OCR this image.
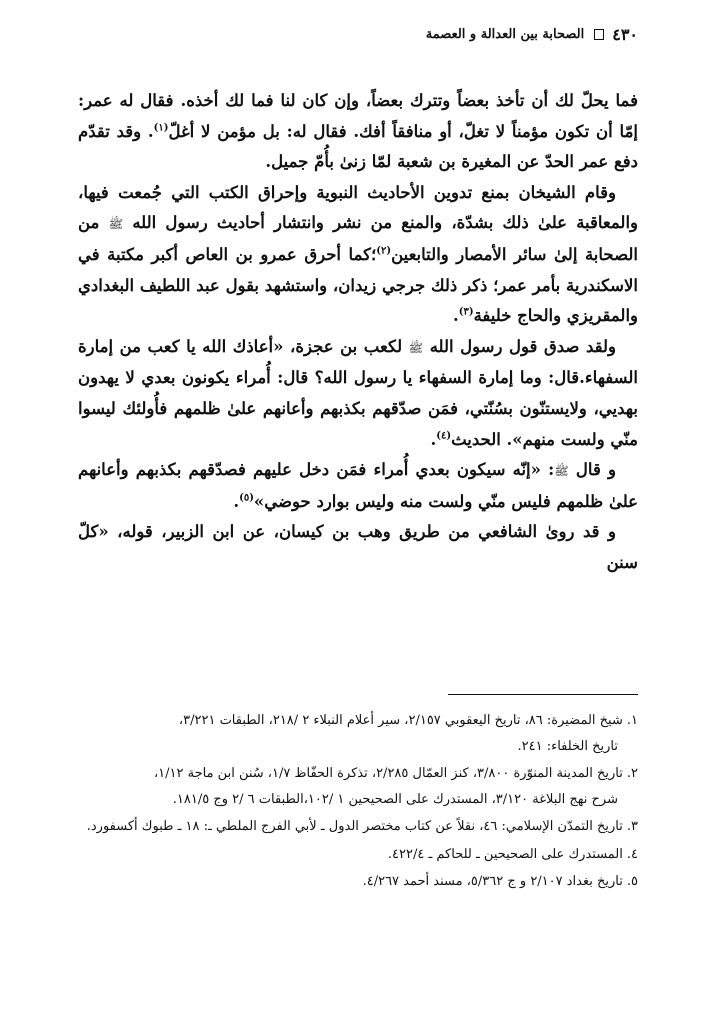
٤٣٠
الصحابة بين العدالة و العصمة

فما يحلّ لك أن تأخذ بعضاً وتترك بعضاً، وإن كان لنا فما لك أخذه. فقال له عمر: إمّا أن تكون مؤمناً لا تغلّ، أو منافقاً أفك. فقال له: بل مؤمن لا أغلّ$^{(١)}$. وقد تقدّم دفع عمر الحدّ عن المغيرة بن شعبة لمّا زنىٰ بأُمّ جميل.

وقام الشيخان بمنع تدوين الأحاديث النبوية وإحراق الكتب التي جُمعت فيها، والمعاقبة علىٰ ذلك بشدّة، والمنع من نشر وانتشار أحاديث رسول الله ﷺ من الصحابة إلىٰ سائر الأمصار والتابعين$^{(٢)}$؛كما أحرق عمرو بن العاص أكبر مكتبة في الاسكندرية بأمر عمر؛ ذكر ذلك جرجي زيدان، واستشهد بقول عبد اللطيف البغدادي والمقريزي والحاج خليفة$^{(٣)}$.

ولقد صدق قول رسول الله ﷺ لكعب بن عجزة، «أعاذك الله يا كعب من إمارة السفهاء.قال: وما إمارة السفهاء يا رسول الله؟ قال: أُمراء يكونون بعدي لا يهدون بهديي، ولايستنّون بسُنّتي، فمَن صدّقهم بكذبهم وأعانهم علىٰ ظلمهم فأُولئك ليسوا منّي ولست منهم». الحديث$^{(٤)}$.

و قال ﷺ: «إنّه سيكون بعدي أُمراء فمَن دخل عليهم فصدّقهم بكذبهم وأعانهم علىٰ ظلمهم فليس منّي ولست منه وليس بوارد حوضي»$^{(٥)}$.

و قد روىٰ الشافعي من طريق وهب بن كيسان، عن ابن الزبير، قوله، «كلّ سنن

١.شيخ المضيرة: ٨٦، تاريخ اليعقوبي ٢/١٥٧، سير أعلام النبلاء ٢ /٢١٨، الطبقات ٣/٢٢١،
تاريخ الخلفاء: ٢٤١.
٢.تاريخ المدينة المنوّرة ٣/٨٠٠، كنز العمّال ٢/٢٨٥، تذكرة الحفّاظ ١/٧، سُنن ابن ماجة ١/١٢،
شرح نهج البلاغة ٣/١٢٠، المستدرك على الصحيحين ١ /١٠٢،الطبقات ٦ /٢ وج ١٨١/٥.
٣.تاريخ التمدّن الإسلامي: ٤٦، نقلاً عن كتاب مختصر الدول ـ لأبي الفرج الملطي ـ: ١٨ ـ طبوك أكسفورد.
٤.المستدرك على الصحيحين ـ للحاكم ـ ٤٢٢/٤.
٥.تاريخ بغداد ٢/١٠٧ و ج ٥/٣٦٢، مسند أحمد ٤/٢٦٧.
